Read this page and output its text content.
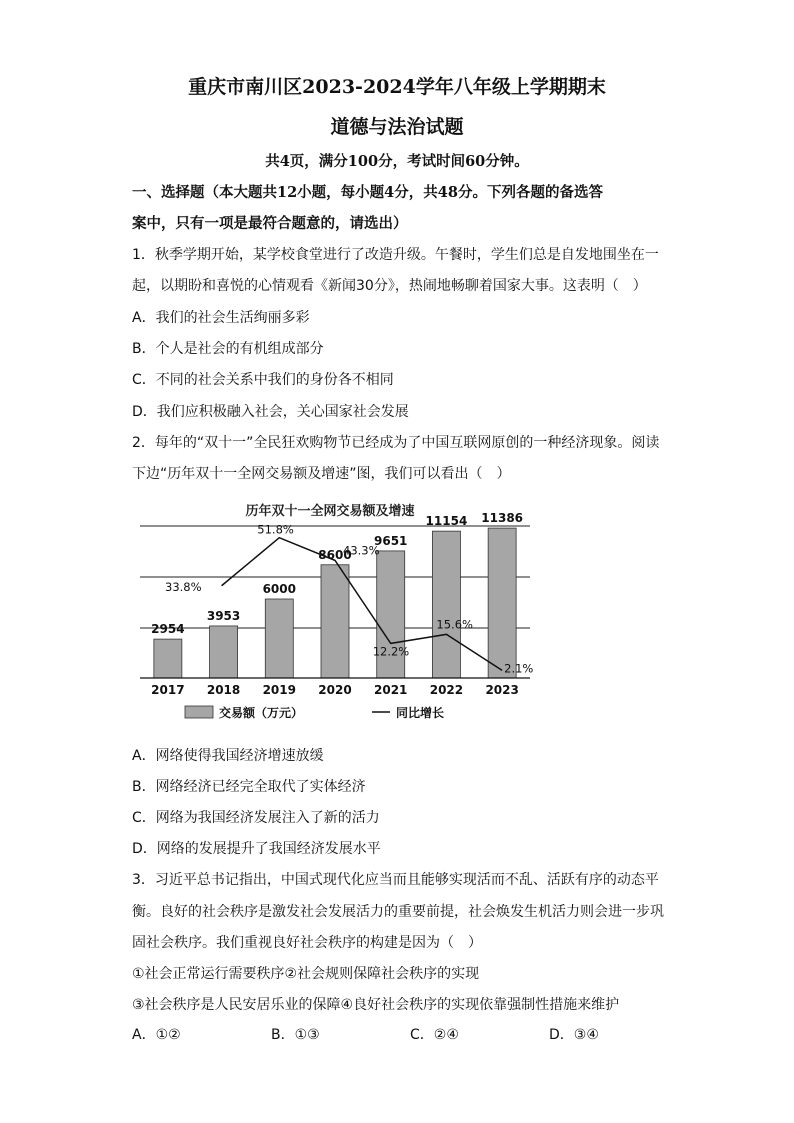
重庆市南川区2023-2024学年八年级上学期期末
道德与法治试题
共4页，满分100分，考试时间60分钟。
一、选择题（本大题共12小题，每小题4分，共48分。下列各题的备选答
案中，只有一项是最符合题意的，请选出）
1．秋季学期开始，某学校食堂进行了改造升级。午餐时，学生们总是自发地围坐在一
起，以期盼和喜悦的心情观看《新闻30分》，热闹地畅聊着国家大事。这表明（　）
A．我们的社会生活绚丽多彩
B．个人是社会的有机组成部分
C．不同的社会关系中我们的身份各不相同
D．我们应积极融入社会，关心国家社会发展
2．每年的“双十一”全民狂欢购物节已经成为了中国互联网原创的一种经济现象。阅读
下边“历年双十一全网交易额及增速”图，我们可以看出（　）
历年双十一全网交易额及增速
2954
2017
3953
2018
6000
2019
8600
2020
9651
2021
11154
2022
11386
2023
33.8%
51.8%
43.3%
12.2%
15.6%
2.1%
交易额（万元）	同比增长
A．网络使得我国经济增速放缓
B．网络经济已经完全取代了实体经济
C．网络为我国经济发展注入了新的活力
D．网络的发展提升了我国经济发展水平
3．习近平总书记指出，中国式现代化应当而且能够实现活而不乱、活跃有序的动态平
衡。良好的社会秩序是激发社会发展活力的重要前提，社会焕发生机活力则会进一步巩
固社会秩序。我们重视良好社会秩序的构建是因为（　）
①社会正常运行需要秩序②社会规则保障社会秩序的实现
③社会秩序是人民安居乐业的保障④良好社会秩序的实现依靠强制性措施来维护
A．①②	B．①③	C．②④	D．③④
